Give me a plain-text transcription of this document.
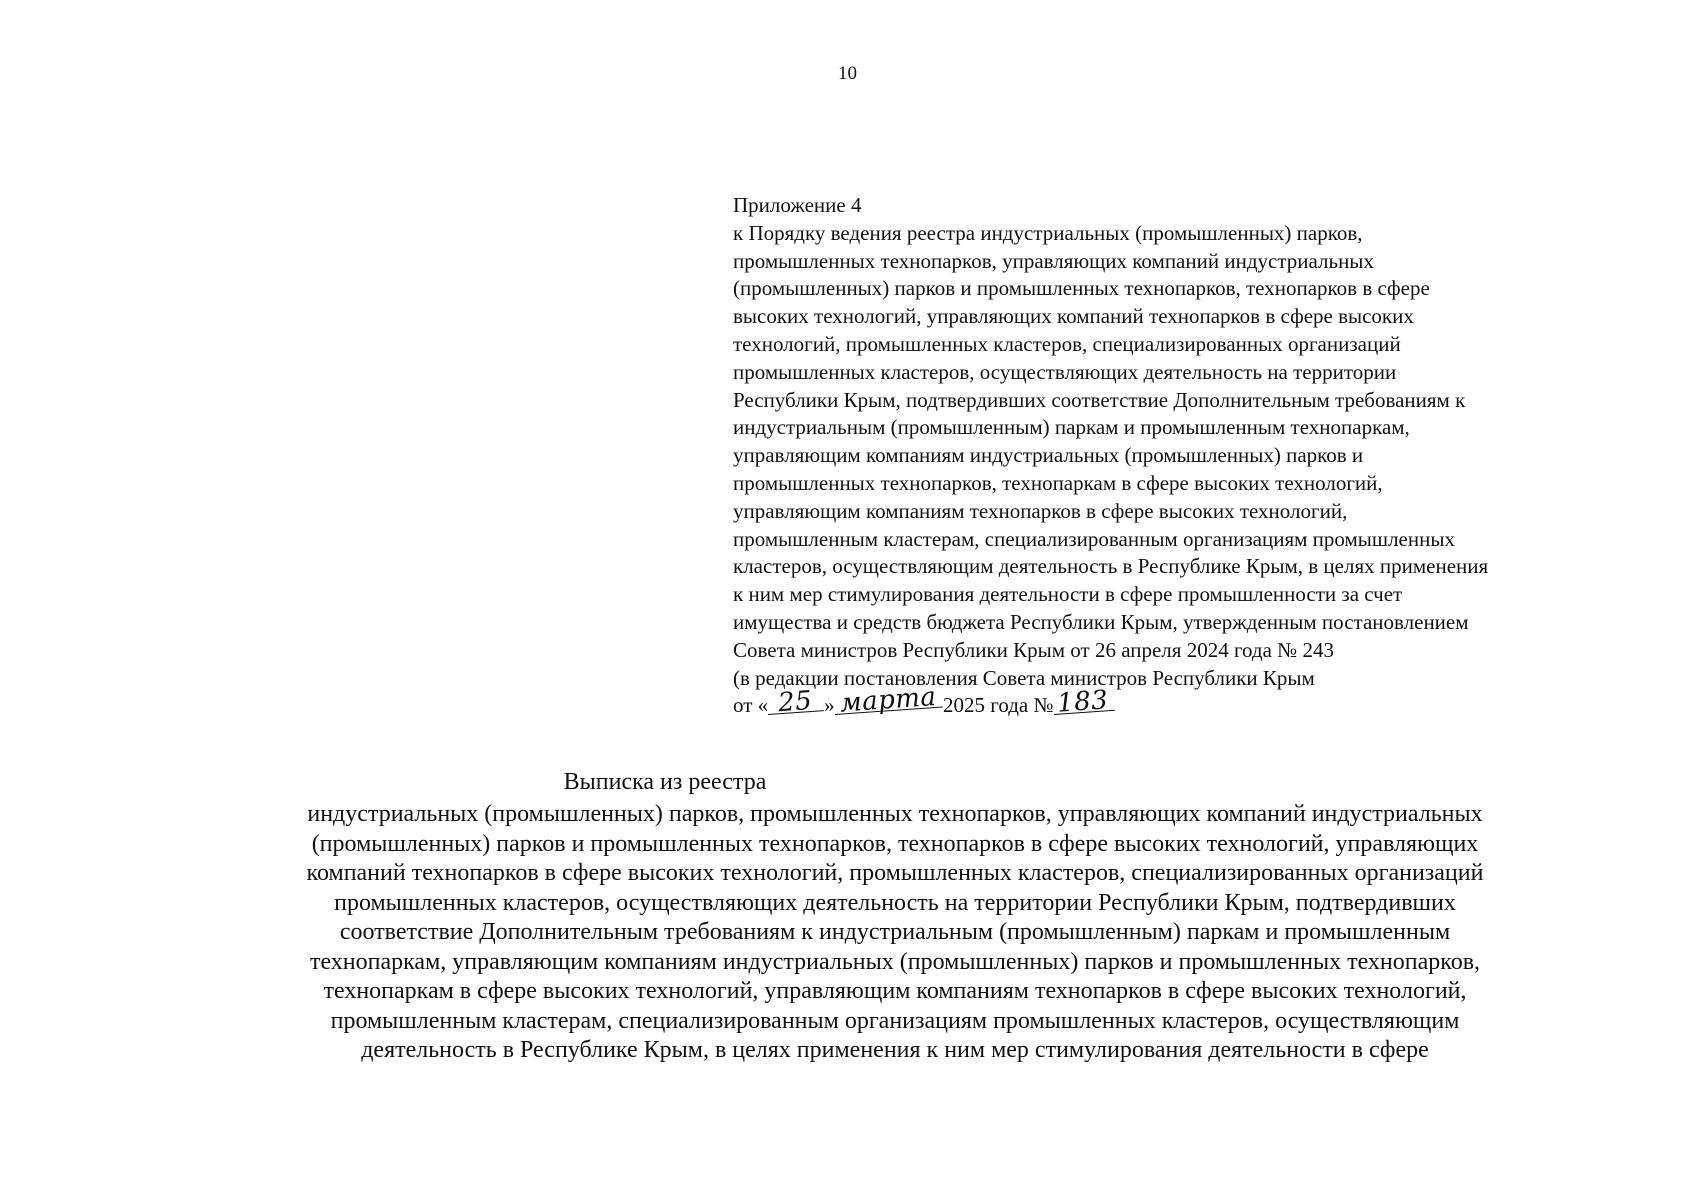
10
Приложение 4
к Порядку ведения реестра индустриальных (промышленных) парков,
промышленных технопарков, управляющих компаний индустриальных
(промышленных) парков и промышленных технопарков, технопарков в сфере
высоких технологий, управляющих компаний технопарков в сфере высоких
технологий, промышленных кластеров, специализированных организаций
промышленных кластеров, осуществляющих деятельность на территории
Республики Крым, подтвердивших соответствие Дополнительным требованиям к
индустриальным (промышленным) паркам и промышленным технопаркам,
управляющим компаниям индустриальных (промышленных) парков и
промышленных технопарков, технопаркам в сфере высоких технологий,
управляющим компаниям технопарков в сфере высоких технологий,
промышленным кластерам, специализированным организациям промышленных
кластеров, осуществляющим деятельность в Республике Крым, в целях применения
к ним мер стимулирования деятельности в сфере промышленности за счет
имущества и средств бюджета Республики Крым, утвержденным постановлением
Совета министров Республики Крым от 26 апреля 2024 года № 243
(в редакции постановления Совета министров Республики Крым
от « 25 » марта 2025 года №183
Выписка из реестра
индустриальных (промышленных) парков, промышленных технопарков, управляющих компаний индустриальных
(промышленных) парков и промышленных технопарков, технопарков в сфере высоких технологий, управляющих
компаний технопарков в сфере высоких технологий, промышленных кластеров, специализированных организаций
промышленных кластеров, осуществляющих деятельность на территории Республики Крым, подтвердивших
соответствие Дополнительным требованиям к индустриальным (промышленным) паркам и промышленным
технопаркам, управляющим компаниям индустриальных (промышленных) парков и промышленных технопарков,
технопаркам в сфере высоких технологий, управляющим компаниям технопарков в сфере высоких технологий,
промышленным кластерам, специализированным организациям промышленных кластеров, осуществляющим
деятельность в Республике Крым, в целях применения к ним мер стимулирования деятельности в сфере
